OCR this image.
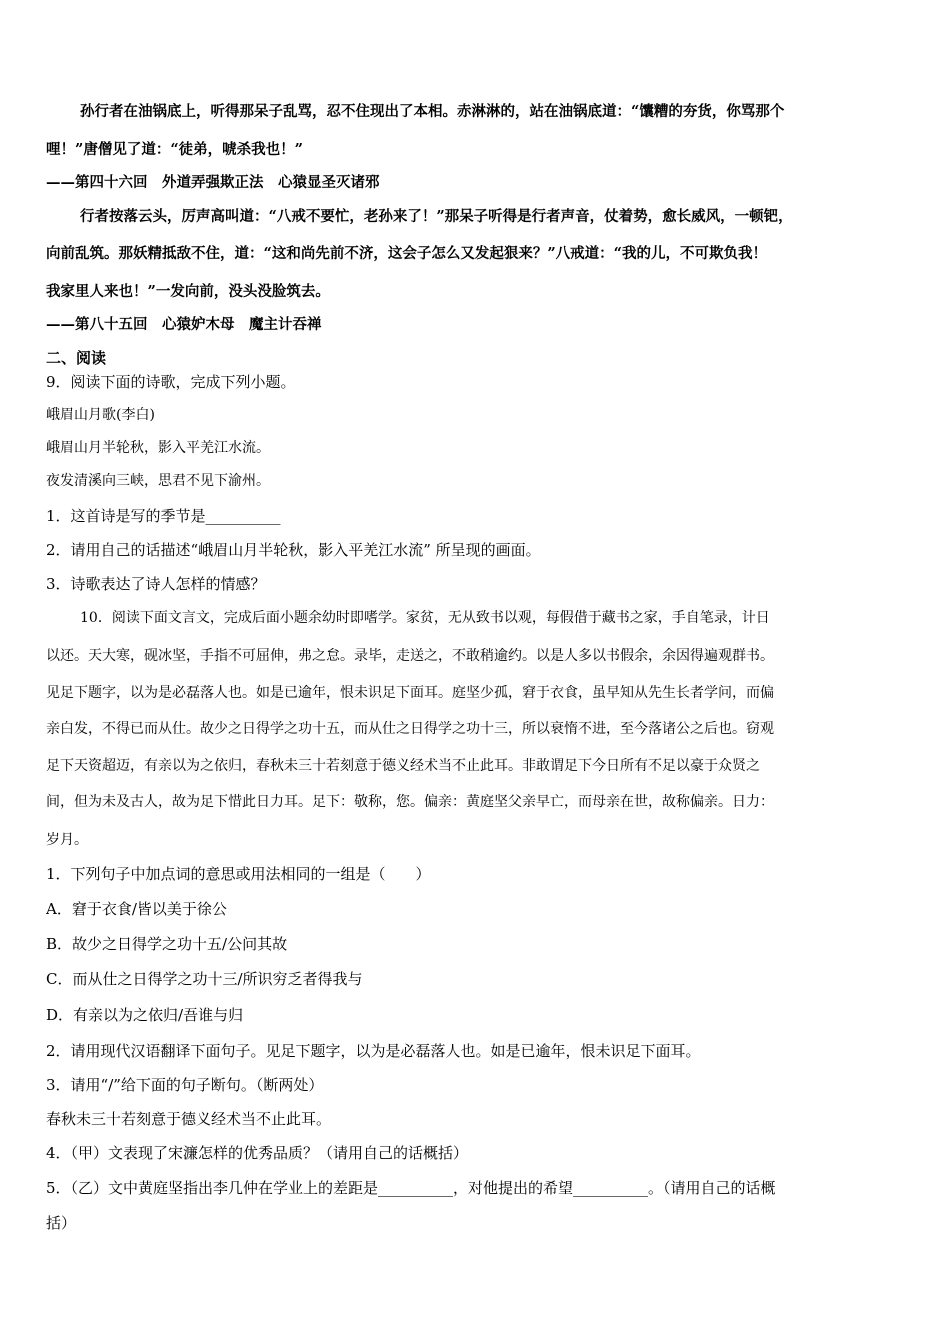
孙行者在油锅底上，听得那呆子乱骂，忍不住现出了本相。赤淋淋的，站在油锅底道：“馕糟的夯货，你骂那个
哩！”唐僧见了道：“徒弟，唬杀我也！”
——第四十六回　外道弄强欺正法　心猿显圣灭诸邪
行者按落云头，厉声高叫道：“八戒不要忙，老孙来了！”那呆子听得是行者声音，仗着势，愈长威风，一顿钯，
向前乱筑。那妖精抵敌不住，道：“这和尚先前不济，这会子怎么又发起狠来？”八戒道：“我的儿，不可欺负我！
我家里人来也！”一发向前，没头没脸筑去。
——第八十五回　心猿妒木母　魔主计吞禅
二、阅读
9．阅读下面的诗歌，完成下列小题。
峨眉山月歌(李白)
峨眉山月半轮秋，影入平羌江水流。
夜发清溪向三峡，思君不见下渝州。
1．这首诗是写的季节是__________
2．请用自己的话描述“峨眉山月半轮秋，影入平羌江水流” 所呈现的画面。
3．诗歌表达了诗人怎样的情感？
10．阅读下面文言文，完成后面小题余幼时即嗜学。家贫，无从致书以观，每假借于藏书之家，手自笔录，计日
以还。天大寒，砚冰坚，手指不可屈伸，弗之怠。录毕，走送之，不敢稍逾约。以是人多以书假余，余因得遍观群书。
见足下题字，以为是必磊落人也。如是已逾年，恨未识足下面耳。庭坚少孤，窘于衣食，虽早知从先生长者学问，而偏
亲白发，不得已而从仕。故少之日得学之功十五，而从仕之日得学之功十三，所以衰惰不进，至今落诸公之后也。窃观
足下天资超迈，有亲以为之依归，春秋未三十若刻意于德义经术当不止此耳。非敢谓足下今日所有不足以豪于众贤之
间，但为未及古人，故为足下惜此日力耳。足下：敬称，您。偏亲：黄庭坚父亲早亡，而母亲在世，故称偏亲。日力：
岁月。
1．下列句子中加点词的意思或用法相同的一组是（　　）
A．窘于衣食/皆以美于徐公
B．故少之日得学之功十五/公问其故
C．而从仕之日得学之功十三/所识穷乏者得我与
D．有亲以为之依归/吾谁与归
2．请用现代汉语翻译下面句子。见足下题字，以为是必磊落人也。如是已逾年，恨未识足下面耳。
3．请用“/”给下面的句子断句。（断两处）
春秋未三十若刻意于德义经术当不止此耳。
4．（甲）文表现了宋濂怎样的优秀品质？（请用自己的话概括）
5．（乙）文中黄庭坚指出李几仲在学业上的差距是__________，对他提出的希望__________。（请用自己的话概
括）
